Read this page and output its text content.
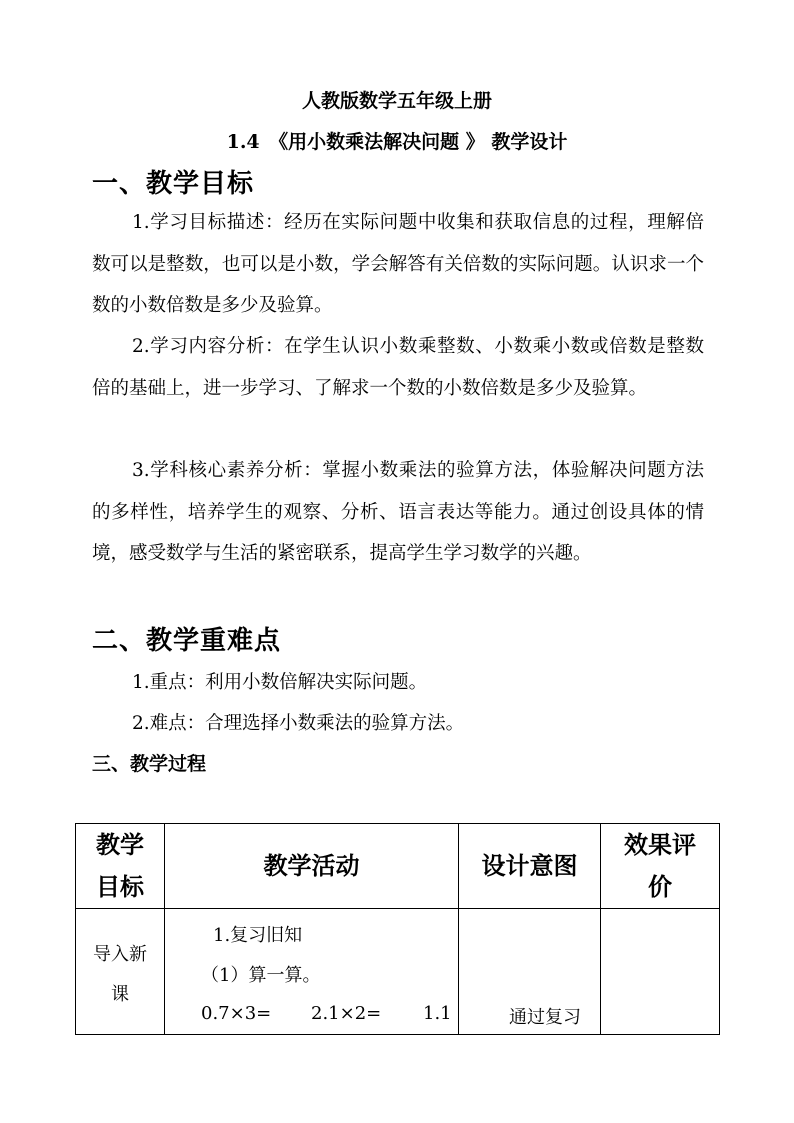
人教版数学五年级上册
1.4　《用小数乘法解决问题 》 教学设计
一、教学目标

1.学习目标描述：经历在实际问题中收集和获取信息的过程，理解倍数可以是整数，也可以是小数，学会解答有关倍数的实际问题。认识求一个数的小数倍数是多少及验算。

2.学习内容分析：在学生认识小数乘整数、小数乘小数或倍数是整数倍的基础上，进一步学习、了解求一个数的小数倍数是多少及验算。

3.学科核心素养分析：掌握小数乘法的验算方法，体验解决问题方法的多样性，培养学生的观察、分析、语言表达等能力。通过创设具体的情境，感受数学与生活的紧密联系，提高学生学习数学的兴趣。

二、教学重难点
1.重点：利用小数倍解决实际问题。
2.难点：合理选择小数乘法的验算方法。
三、教学过程
教学目标	教学活动	设计意图	效果评价

导入新课	1.复习旧知
（1）算一算。
0.7×3= 2.1×2= 1.1	通过复习	
